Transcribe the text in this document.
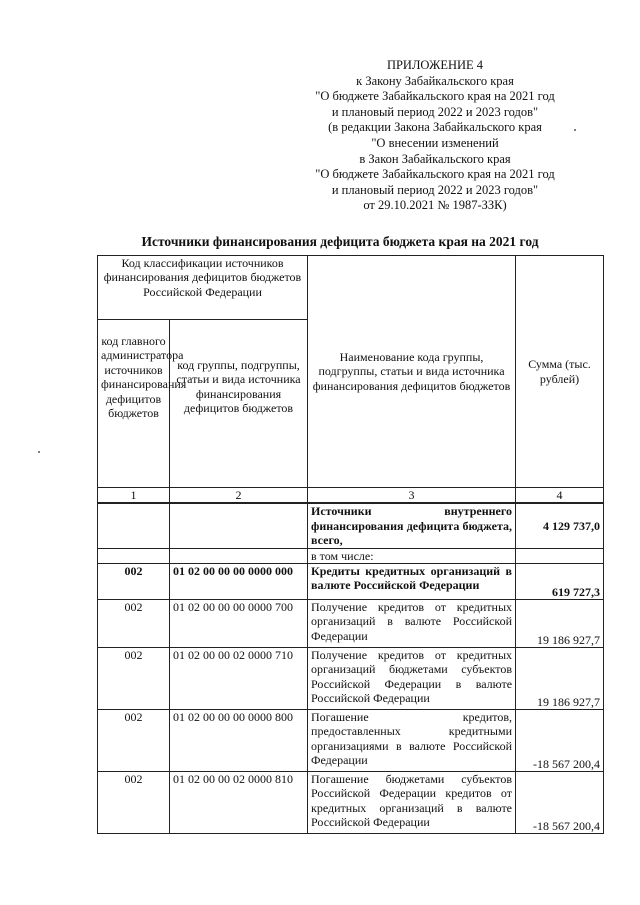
ПРИЛОЖЕНИЕ 4
к Закону Забайкальского края
"О бюджете Забайкальского края на 2021 год
и плановый период 2022 и 2023 годов"
(в редакции Закона Забайкальского края
"О внесении изменений
в Закон Забайкальского края
"О бюджете Забайкальского края на 2021 год
и плановый период 2022 и 2023 годов"
от 29.10.2021 № 1987-ЗЗК)
Источники финансирования дефицита бюджета края на 2021 год
Код классификации источников финансирования дефицитов бюджетов Российской Федерации		Наименование кода группы, подгруппы, статьи и вида источника финансирования дефицитов бюджетов	Сумма (тыс. рублей)
код главного администратора источников финансирования дефицитов бюджетов	код группы, подгруппы, статьи и вида источника финансирования дефицитов бюджетов		
1	2	3	4
		Источники внутреннего финансирования дефицита бюджета, всего,	4 129 737,0
		в том числе:	
002	01 02 00 00 00 0000 000	Кредиты кредитных организаций в валюте Российской Федерации	619 727,3
002	01 02 00 00 00 0000 700	Получение кредитов от кредитных организаций в валюте Российской Федерации	19 186 927,7
002	01 02 00 00 02 0000 710	Получение кредитов от кредитных организаций бюджетами субъектов Российской Федерации в валюте Российской Федерации	19 186 927,7
002	01 02 00 00 00 0000 800	Погашение кредитов, предоставленных кредитными организациями в валюте Российской Федерации	-18 567 200,4
002	01 02 00 00 02 0000 810	Погашение бюджетами субъектов Российской Федерации кредитов от кредитных организаций в валюте Российской Федерации	-18 567 200,4
